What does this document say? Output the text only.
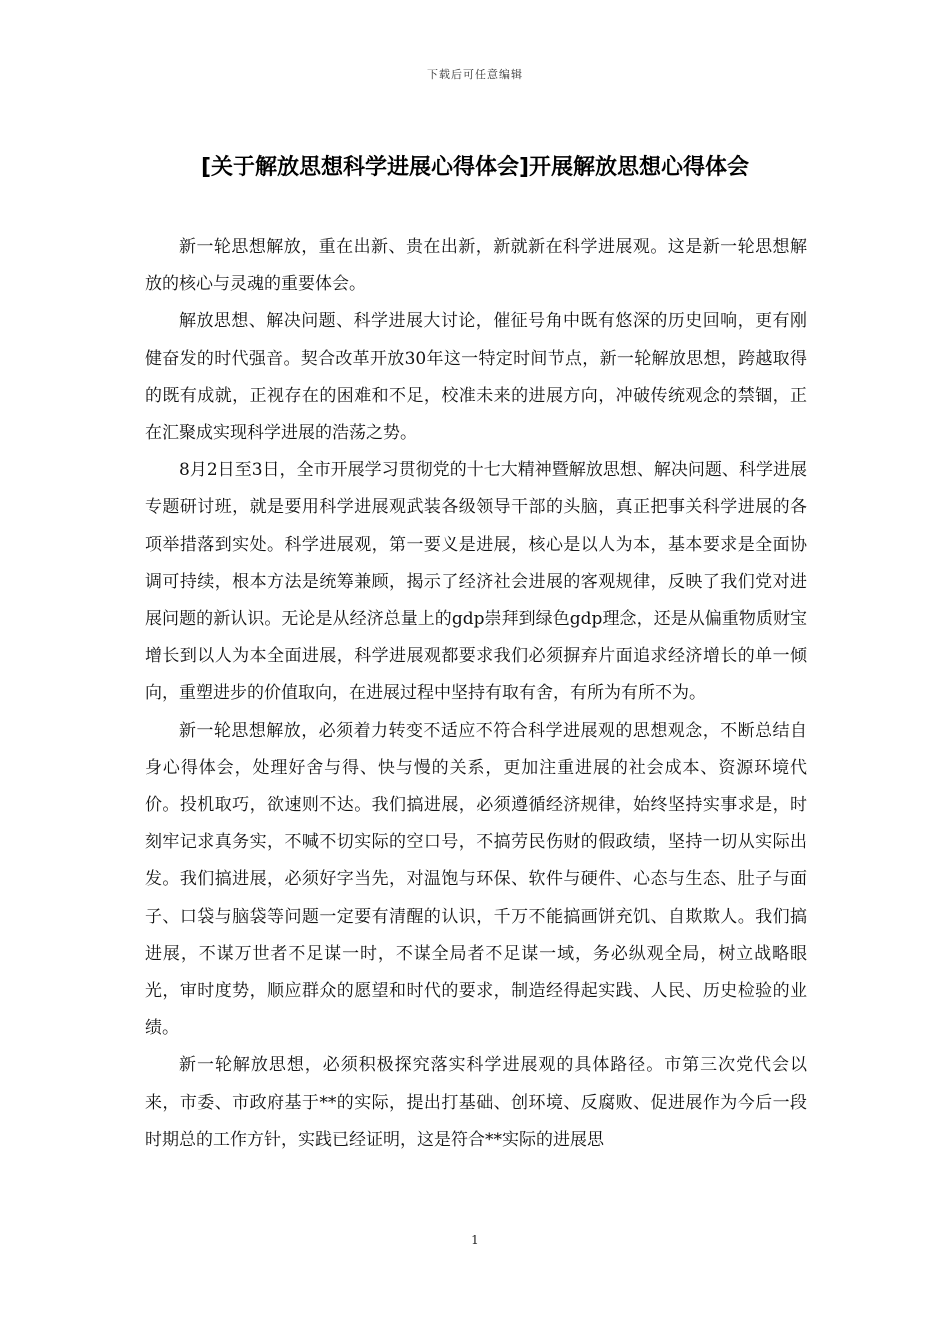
下载后可任意编辑
[关于解放思想科学进展心得体会]开展解放思想心得体会

新一轮思想解放，重在出新、贵在出新，新就新在科学进展观。这是新一轮思想解放的核心与灵魂的重要体会。

解放思想、解决问题、科学进展大讨论，催征号角中既有悠深的历史回响，更有刚健奋发的时代强音。契合改革开放30年这一特定时间节点，新一轮解放思想，跨越取得的既有成就，正视存在的困难和不足，校准未来的进展方向，冲破传统观念的禁锢，正在汇聚成实现科学进展的浩荡之势。

8月2日至3日，全市开展学习贯彻党的十七大精神暨解放思想、解决问题、科学进展专题研讨班，就是要用科学进展观武装各级领导干部的头脑，真正把事关科学进展的各项举措落到实处。科学进展观，第一要义是进展，核心是以人为本，基本要求是全面协调可持续，根本方法是统筹兼顾，揭示了经济社会进展的客观规律，反映了我们党对进展问题的新认识。无论是从经济总量上的gdp崇拜到绿色gdp理念，还是从偏重物质财宝增长到以人为本全面进展，科学进展观都要求我们必须摒弃片面追求经济增长的单一倾向，重塑进步的价值取向，在进展过程中坚持有取有舍，有所为有所不为。

新一轮思想解放，必须着力转变不适应不符合科学进展观的思想观念，不断总结自身心得体会，处理好舍与得、快与慢的关系，更加注重进展的社会成本、资源环境代价。投机取巧，欲速则不达。我们搞进展，必须遵循经济规律，始终坚持实事求是，时刻牢记求真务实，不喊不切实际的空口号，不搞劳民伤财的假政绩，坚持一切从实际出发。我们搞进展，必须好字当先，对温饱与环保、软件与硬件、心态与生态、肚子与面子、口袋与脑袋等问题一定要有清醒的认识，千万不能搞画饼充饥、自欺欺人。我们搞进展，不谋万世者不足谋一时，不谋全局者不足谋一域，务必纵观全局，树立战略眼光，审时度势，顺应群众的愿望和时代的要求，制造经得起实践、人民、历史检验的业绩。

新一轮解放思想，必须积极探究落实科学进展观的具体路径。市第三次党代会以来，市委、市政府基于**的实际，提出打基础、创环境、反腐败、促进展作为今后一段时期总的工作方针，实践已经证明，这是符合**实际的进展思

1
